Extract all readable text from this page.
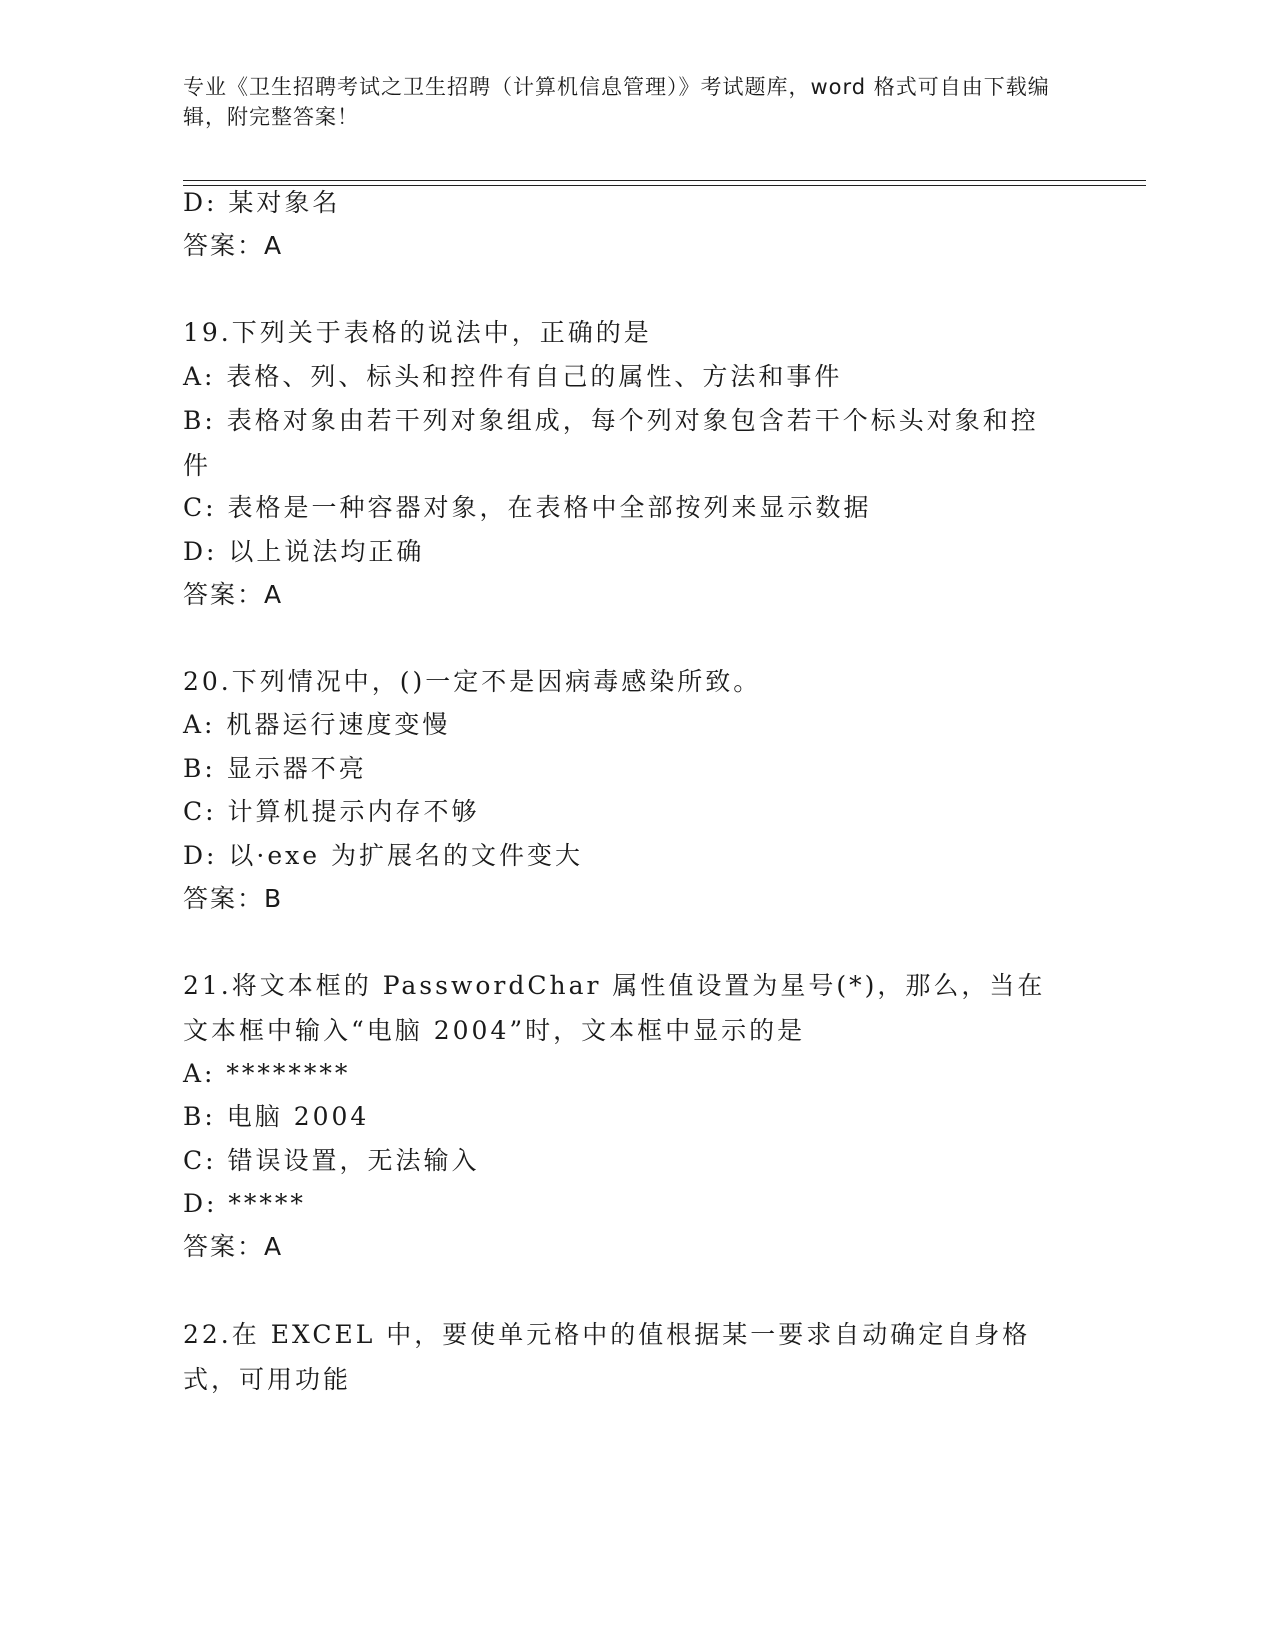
专业《卫生招聘考试之卫生招聘（计算机信息管理）》考试题库，word 格式可自由下载编辑，附完整答案！
D: 某对象名
答案：A
19.下列关于表格的说法中，正确的是
A: 表格、列、标头和控件有自己的属性、方法和事件
B: 表格对象由若干列对象组成，每个列对象包含若干个标头对象和控件
C: 表格是一种容器对象，在表格中全部按列来显示数据
D: 以上说法均正确
答案：A
20.下列情况中，()一定不是因病毒感染所致。
A: 机器运行速度变慢
B: 显示器不亮
C: 计算机提示内存不够
D: 以·exe 为扩展名的文件变大
答案：B
21.将文本框的 PasswordChar 属性值设置为星号(*)，那么，当在文本框中输入“电脑 2004”时，文本框中显示的是
A: ********
B: 电脑 2004
C: 错误设置，无法输入
D: *****
答案：A
22.在 EXCEL 中，要使单元格中的值根据某一要求自动确定自身格式，可用功能
